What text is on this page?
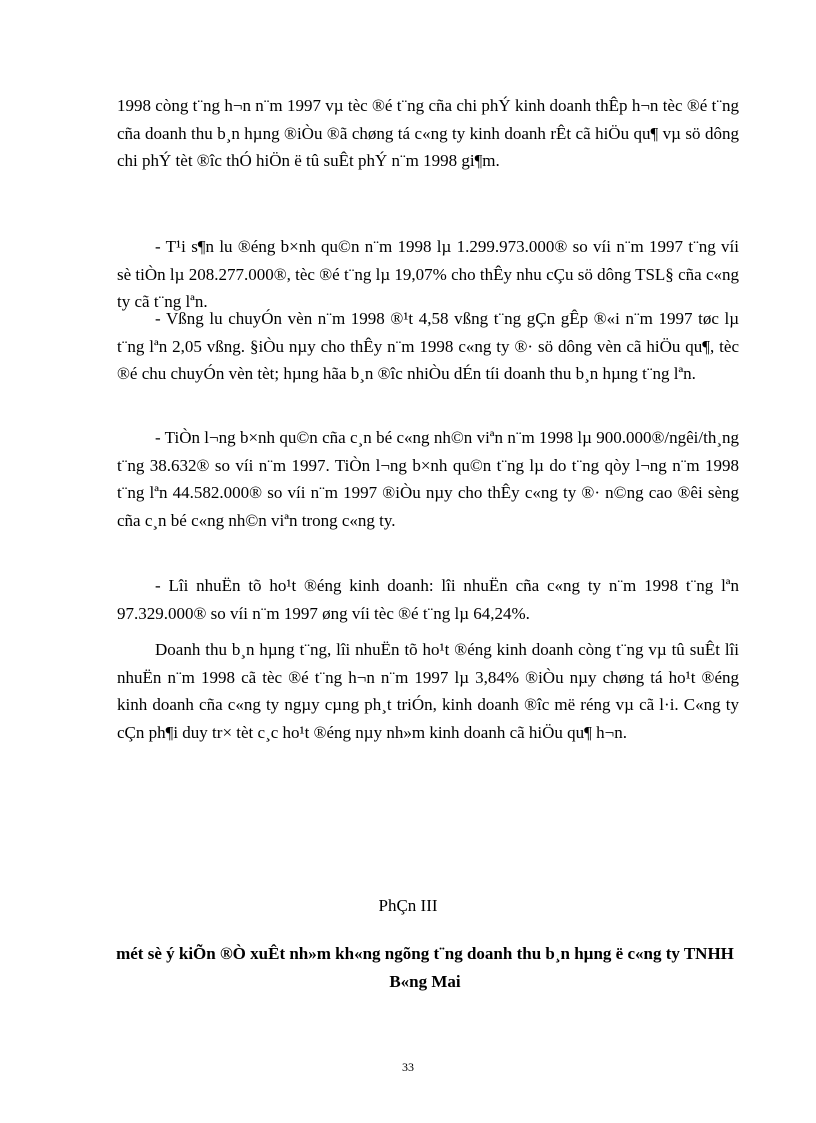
1998 còng t¨ng h¬n n¨m 1997 vµ tèc ®é t¨ng cña chi phÝ kinh doanh thÊp h¬n tèc ®é t¨ng cña doanh thu b¸n hµng ®iÒu ®ã chøng tá c«ng ty kinh doanh rÊt cã hiÖu qu¶ vµ sö dông chi phÝ tèt ®îc thÓ hiÖn ë tû suÊt phÝ n¨m 1998 gi¶m.

- T¹i s¶n lu ®éng b×nh qu©n n¨m 1998 lµ 1.299.973.000® so víi n¨m 1997 t¨ng víi sè tiÒn lµ 208.277.000®, tèc ®é t¨ng lµ 19,07% cho thÊy nhu cÇu sö dông TSL§ cña c«ng ty cã t¨ng lªn.

- Vßng lu chuyÓn vèn n¨m 1998 ®¹t 4,58 vßng t¨ng gÇn gÊp ®«i n¨m 1997 tøc lµ t¨ng lªn 2,05 vßng. §iÒu nµy cho thÊy n¨m 1998 c«ng ty ®· sö dông vèn cã hiÖu qu¶, tèc ®é chu chuyÓn vèn tèt; hµng hãa b¸n ®îc nhiÒu dÉn tíi doanh thu b¸n hµng t¨ng lªn.

- TiÒn l¬ng b×nh qu©n cña c¸n bé c«ng nh©n viªn n¨m 1998 lµ 900.000®/ngêi/th¸ng t¨ng 38.632® so víi n¨m 1997. TiÒn l¬ng b×nh qu©n t¨ng lµ do t¨ng qòy l¬ng n¨m 1998 t¨ng lªn 44.582.000® so víi n¨m 1997 ®iÒu nµy cho thÊy c«ng ty ®· n©ng cao ®êi sèng cña c¸n bé c«ng nh©n viªn trong c«ng ty.

- Lîi nhuËn tõ ho¹t ®éng kinh doanh: lîi nhuËn cña c«ng ty n¨m 1998 t¨ng lªn 97.329.000® so víi n¨m 1997 øng víi tèc ®é t¨ng lµ 64,24%.

Doanh thu b¸n hµng t¨ng, lîi nhuËn tõ ho¹t ®éng kinh doanh còng t¨ng vµ tû suÊt lîi nhuËn n¨m 1998 cã tèc ®é t¨ng h¬n n¨m 1997 lµ 3,84% ®iÒu nµy chøng tá ho¹t ®éng kinh doanh cña c«ng ty ngµy cµng ph¸t triÓn, kinh doanh ®îc më réng vµ cã l·i. C«ng ty cÇn ph¶i duy tr× tèt c¸c ho¹t ®éng nµy nh»m kinh doanh cã hiÖu qu¶ h¬n.

PhÇn III
mét sè ý kiÕn ®Ò xuÊt nh»m kh«ng ngõng t¨ng doanh thu b¸n hµng ë c«ng ty TNHH B«ng Mai
33
